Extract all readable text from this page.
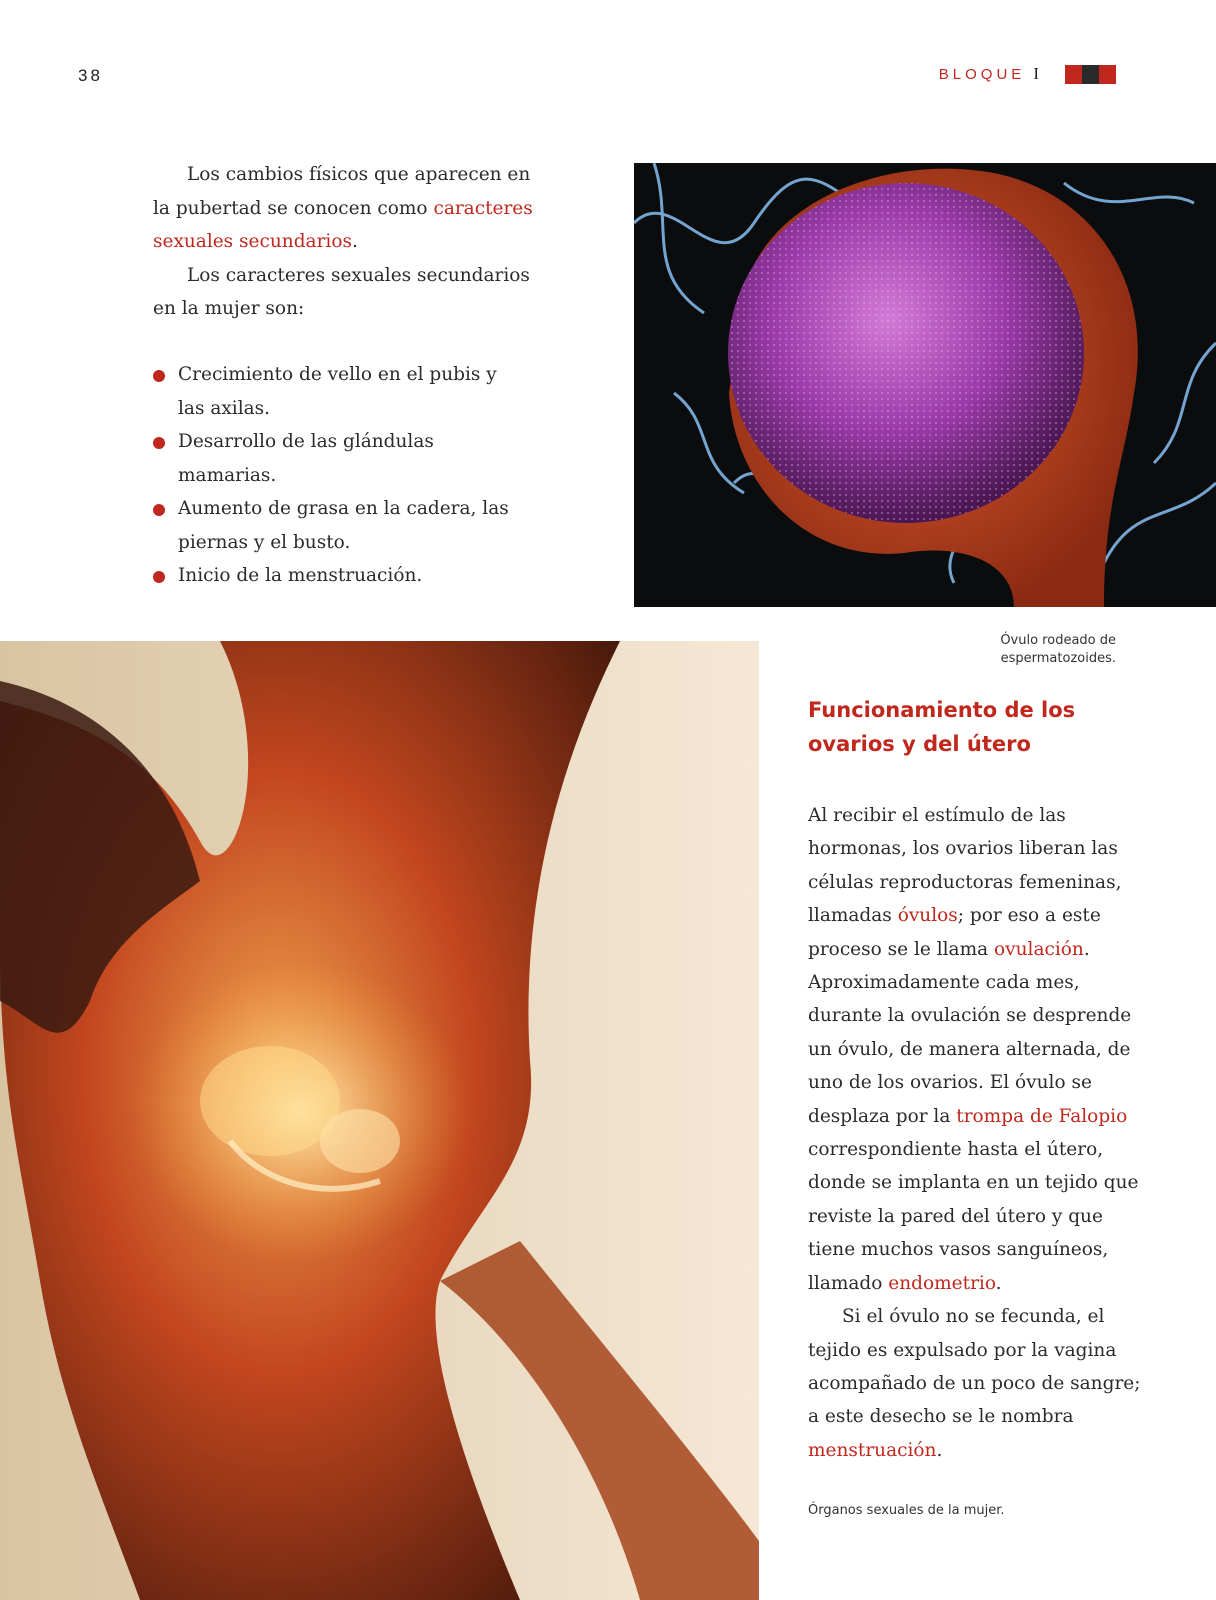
38	BLOQUE I

Los cambios físicos que aparecen en la pubertad se conocen como caracteres sexuales secundarios.

Los caracteres sexuales secundarios en la mujer son:

Crecimiento de vello en el pubis y las axilas.
Desarrollo de las glándulas mamarias.
Aumento de grasa en la cadera, las piernas y el busto.
Inicio de la menstruación.
Óvulo rodeado de
espermatozoides.
Funcionamiento de los
ovarios y del útero

Al recibir el estímulo de las hormonas, los ovarios liberan las células reproductoras femeninas, llamadas óvulos; por eso a este proceso se le llama ovulación. Aproximadamente cada mes, durante la ovulación se desprende un óvulo, de manera alternada, de uno de los ovarios. El óvulo se desplaza por la trompa de Falopio correspondiente hasta el útero, donde se implanta en un tejido que reviste la pared del útero y que tiene muchos vasos sanguíneos, llamado endometrio.

Si el óvulo no se fecunda, el tejido es expulsado por la vagina acompañado de un poco de sangre; a este desecho se le nombra menstruación.

Órganos sexuales de la mujer.
